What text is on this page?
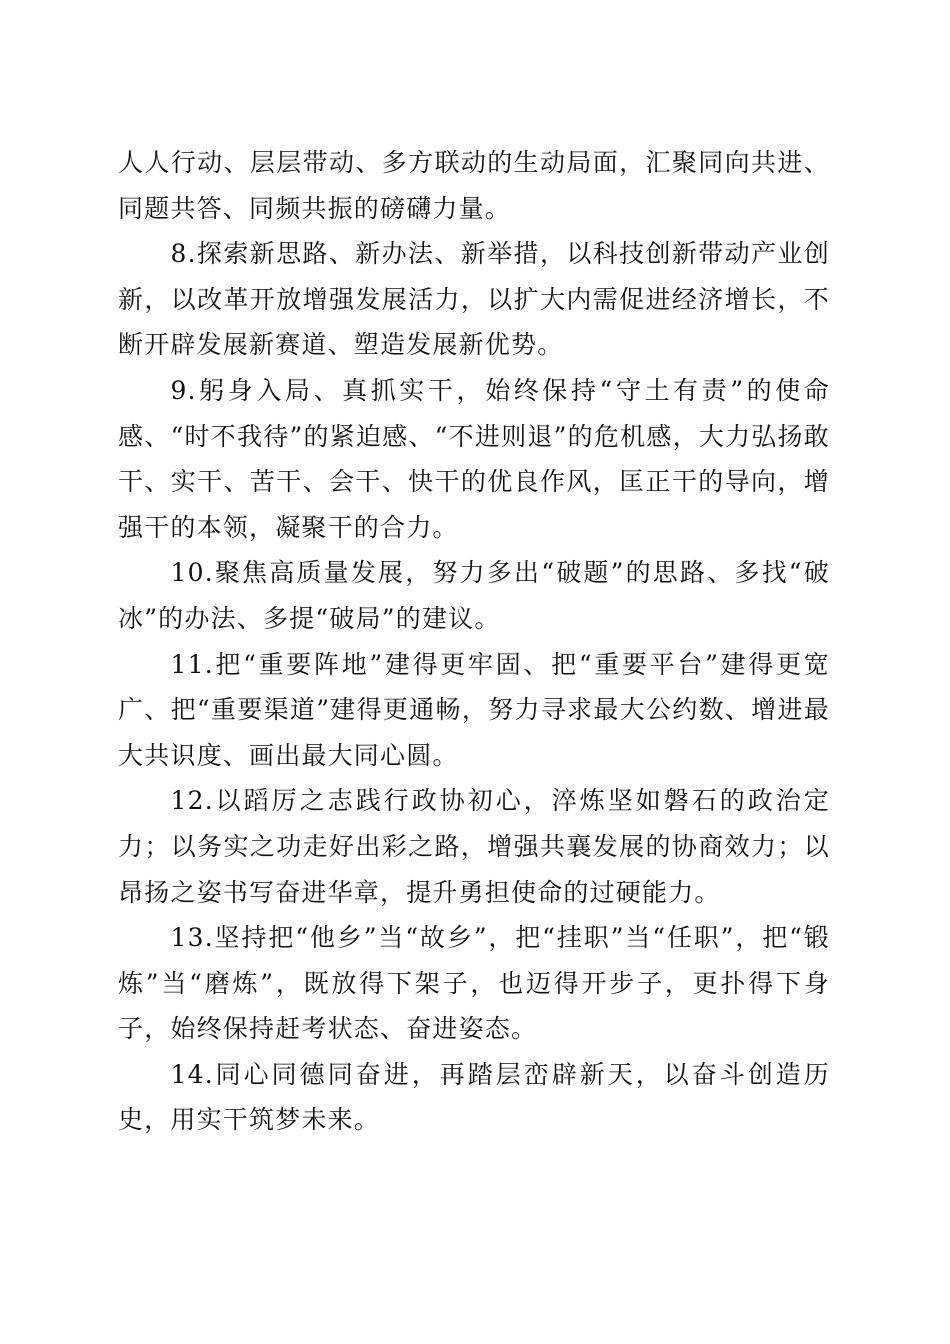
人人行动、层层带动、多方联动的生动局面，汇聚同向共进、同题共答、同频共振的磅礴力量。

8.探索新思路、新办法、新举措，以科技创新带动产业创新，以改革开放增强发展活力，以扩大内需促进经济增长，不断开辟发展新赛道、塑造发展新优势。

9.躬身入局、真抓实干，始终保持“守土有责”的使命感、“时不我待”的紧迫感、“不进则退”的危机感，大力弘扬敢干、实干、苦干、会干、快干的优良作风，匡正干的导向，增强干的本领，凝聚干的合力。

10.聚焦高质量发展，努力多出“破题”的思路、多找“破冰”的办法、多提“破局”的建议。

11.把“重要阵地”建得更牢固、把“重要平台”建得更宽广、把“重要渠道”建得更通畅，努力寻求最大公约数、增进最大共识度、画出最大同心圆。

12.以蹈厉之志践行政协初心，淬炼坚如磐石的政治定力；以务实之功走好出彩之路，增强共襄发展的协商效力；以昂扬之姿书写奋进华章，提升勇担使命的过硬能力。

13.坚持把“他乡”当“故乡”，把“挂职”当“任职”，把“锻炼”当“磨炼”，既放得下架子，也迈得开步子，更扑得下身子，始终保持赶考状态、奋进姿态。

14.同心同德同奋进，再踏层峦辟新天，以奋斗创造历史，用实干筑梦未来。
